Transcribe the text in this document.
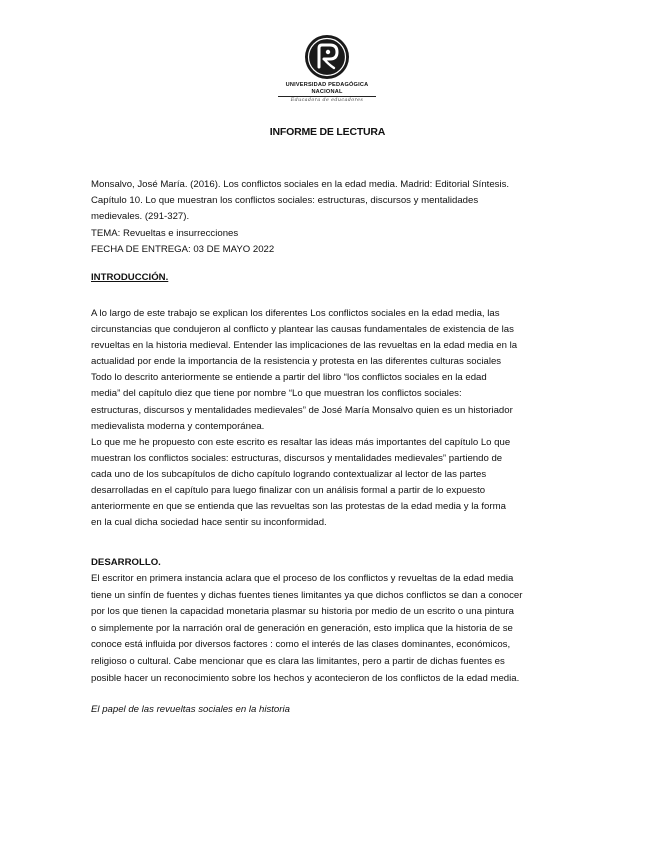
UNIVERSIDAD PEDAGÓGICA
NACIONAL
Educadora de educadores
INFORME DE LECTURA

Monsalvo, José María. (2016). Los conflictos sociales en la edad media. Madrid: Editorial Síntesis.

Capítulo 10. Lo que muestran los conflictos sociales: estructuras, discursos y mentalidades

medievales. (291-327).

TEMA: Revueltas e insurrecciones

FECHA DE ENTREGA: 03 DE MAYO 2022

INTRODUCCIÓN.

A lo largo de este trabajo se explican los diferentes Los conflictos sociales en la edad media, las

circunstancias que condujeron al conflicto y plantear las causas fundamentales de existencia de las

revueltas en la historia medieval. Entender las implicaciones de las revueltas en la edad media en la

actualidad por ende la importancia de la resistencia y protesta en las diferentes culturas sociales

Todo lo descrito anteriormente se entiende a partir del libro “los conflictos sociales en la edad

media” del capítulo diez que tiene por nombre “Lo que muestran los conflictos sociales:

estructuras, discursos y mentalidades medievales” de José María Monsalvo quien es un historiador

medievalista moderna y contemporánea.

Lo que me he propuesto con este escrito es resaltar las ideas más importantes del capítulo Lo que

muestran los conflictos sociales: estructuras, discursos y mentalidades medievales” partiendo de

cada uno de los subcapítulos de dicho capítulo logrando contextualizar al lector de las partes

desarrolladas en el capítulo para luego finalizar con un análisis formal a partir de lo expuesto

anteriormente en que se entienda que las revueltas son las protestas de la edad media y la forma

en la cual dicha sociedad hace sentir su inconformidad.

DESARROLLO.

El escritor en primera instancia aclara que el proceso de los conflictos y revueltas de la edad media

tiene un sinfín de fuentes y dichas fuentes tienes limitantes ya que dichos conflictos se dan a conocer

por los que tienen la capacidad monetaria plasmar su historia por medio de un escrito o una pintura

o simplemente por la narración oral de generación en generación, esto implica que la historia de se

conoce está influida por diversos factores : como el interés de las clases dominantes, económicos,

religioso o cultural. Cabe mencionar que es clara las limitantes, pero a partir de dichas fuentes es

posible hacer un reconocimiento sobre los hechos y acontecieron de los conflictos de la edad media.

El papel de las revueltas sociales en la historia
